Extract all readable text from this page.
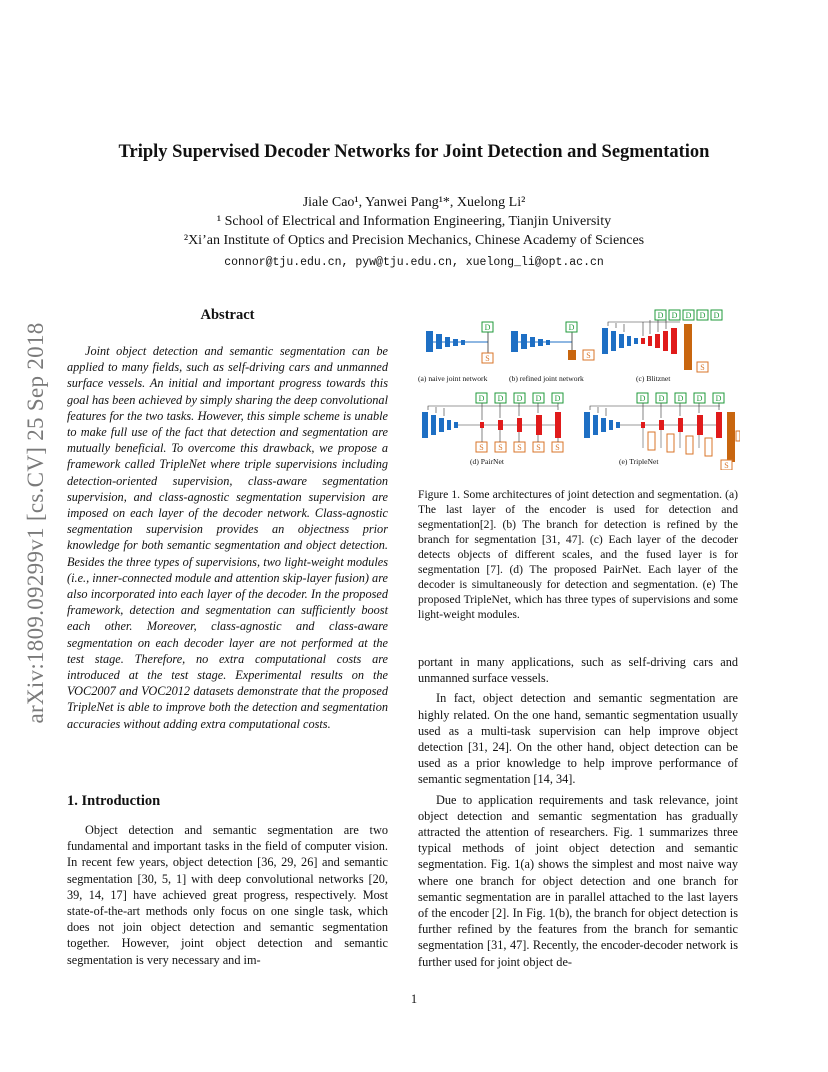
arXiv:1809.09299v1 [cs.CV] 25 Sep 2018
Triply Supervised Decoder Networks for Joint Detection and Segmentation
Jiale Cao¹, Yanwei Pang¹*, Xuelong Li²
¹ School of Electrical and Information Engineering, Tianjin University
²Xi’an Institute of Optics and Precision Mechanics, Chinese Academy of Sciences
connor@tju.edu.cn, pyw@tju.edu.cn, xuelong_li@opt.ac.cn
Abstract
Joint object detection and semantic segmentation can be applied to many fields, such as self-driving cars and unmanned surface vessels. An initial and important progress towards this goal has been achieved by simply sharing the deep convolutional features for the two tasks. However, this simple scheme is unable to make full use of the fact that detection and segmentation are mutually beneficial. To overcome this drawback, we propose a framework called TripleNet where triple supervisions including detection-oriented supervision, class-aware segmentation supervision, and class-agnostic segmentation supervision are imposed on each layer of the decoder network. Class-agnostic segmentation supervision provides an objectness prior knowledge for both semantic segmentation and object detection. Besides the three types of supervisions, two light-weight modules (i.e., inner-connected module and attention skip-layer fusion) are also incorporated into each layer of the decoder. In the proposed framework, detection and segmentation can sufficiently boost each other. Moreover, class-agnostic and class-aware segmentation on each decoder layer are not performed at the test stage. Therefore, no extra computational costs are introduced at the test stage. Experimental results on the VOC2007 and VOC2012 datasets demonstrate that the proposed TripleNet is able to improve both the detection and segmentation accuracies without adding extra computational costs.
1. Introduction
Object detection and semantic segmentation are two fundamental and important tasks in the field of computer vision. In recent few years, object detection [36, 29, 26] and semantic segmentation [30, 5, 1] with deep convolutional networks [20, 39, 14, 17] have achieved great progress, respectively. Most state-of-the-art methods only focus on one single task, which does not join object detection and semantic segmentation together. However, joint object detection and semantic segmentation is very necessary and im-
D
S
D
S
S
D D D D D
(a) naive joint network	(b) refined joint network	(c) Blitznet
D D D D D
S S S S S
D D D D D
S
(d) PairNet	(e) TripleNet
Figure 1. Some architectures of joint detection and segmentation. (a) The last layer of the encoder is used for detection and segmentation[2]. (b) The branch for detection is refined by the branch for segmentation [31, 47]. (c) Each layer of the decoder detects objects of different scales, and the fused layer is for segmentation [7]. (d) The proposed PairNet. Each layer of the decoder is simultaneously for detection and segmentation. (e) The proposed TripleNet, which has three types of supervisions and some light-weight modules.

portant in many applications, such as self-driving cars and unmanned surface vessels.

In fact, object detection and semantic segmentation are highly related. On the one hand, semantic segmentation usually used as a multi-task supervision can help improve object detection [31, 24]. On the other hand, object detection can be used as a prior knowledge to help improve performance of semantic segmentation [14, 34].

Due to application requirements and task relevance, joint object detection and semantic segmentation has gradually attracted the attention of researchers. Fig. 1 summarizes three typical methods of joint object detection and semantic segmentation. Fig. 1(a) shows the simplest and most naive way where one branch for object detection and one branch for semantic segmentation are in parallel attached to the last layers of the encoder [2]. In Fig. 1(b), the branch for object detection is further refined by the features from the branch for semantic segmentation [31, 47]. Recently, the encoder-decoder network is further used for joint object de-

1
